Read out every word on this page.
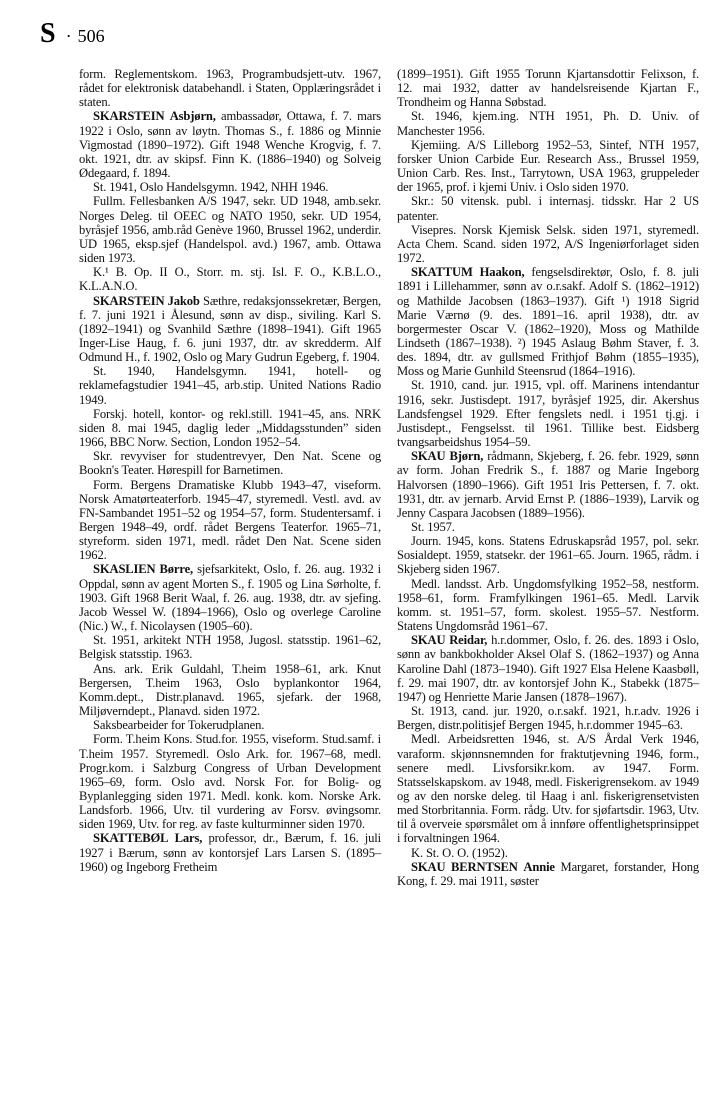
S · 506

form. Reglementskom. 1963, Programbudsjett-utv. 1967, rådet for elektronisk databehandl. i Staten, Opplæringsrådet i staten.

SKARSTEIN Asbjørn, ambassadør, Ottawa, f. 7. mars 1922 i Oslo, sønn av løytn. Thomas S., f. 1886 og Minnie Vigmostad (1890–1972). Gift 1948 Wenche Krogvig, f. 7. okt. 1921, dtr. av skipsf. Finn K. (1886–1940) og Solveig Ødegaard, f. 1894.

St. 1941, Oslo Handelsgymn. 1942, NHH 1946.

Fullm. Fellesbanken A/S 1947, sekr. UD 1948, amb.sekr. Norges Deleg. til OEEC og NATO 1950, sekr. UD 1954, byråsjef 1956, amb.råd Genève 1960, Brussel 1962, underdir. UD 1965, eksp.sjef (Handelspol. avd.) 1967, amb. Ottawa siden 1973.

K.¹ B. Op. II O., Storr. m. stj. Isl. F. O., K.B.L.O., K.L.A.N.O.

SKARSTEIN Jakob Sæthre, redaksjonssekretær, Bergen, f. 7. juni 1921 i Ålesund, sønn av disp., siviling. Karl S. (1892–1941) og Svanhild Sæthre (1898–1941). Gift 1965 Inger-Lise Haug, f. 6. juni 1937, dtr. av skredderm. Alf Odmund H., f. 1902, Oslo og Mary Gudrun Egeberg, f. 1904.

St. 1940, Handelsgymn. 1941, hotell- og reklamefagstudier 1941–45, arb.stip. United Nations Radio 1949.

Forskj. hotell, kontor- og rekl.still. 1941–45, ans. NRK siden 8. mai 1945, daglig leder „Middagsstunden” siden 1966, BBC Norw. Section, London 1952–54.

Skr. revyviser for studentrevyer, Den Nat. Scene og Bookn's Teater. Hørespill for Barnetimen.

Form. Bergens Dramatiske Klubb 1943–47, viseform. Norsk Amatørteaterforb. 1945–47, styremedl. Vestl. avd. av FN-Sambandet 1951–52 og 1954–57, form. Studentersamf. i Bergen 1948–49, ordf. rådet Bergens Teaterfor. 1965–71, styreform. siden 1971, medl. rådet Den Nat. Scene siden 1962.

SKASLIEN Børre, sjefsarkitekt, Oslo, f. 26. aug. 1932 i Oppdal, sønn av agent Morten S., f. 1905 og Lina Sørholte, f. 1903. Gift 1968 Berit Waal, f. 26. aug. 1938, dtr. av sjefing. Jacob Wessel W. (1894–1966), Oslo og overlege Caroline (Nic.) W., f. Nicolaysen (1905–60).

St. 1951, arkitekt NTH 1958, Jugosl. statsstip. 1961–62, Belgisk statsstip. 1963.

Ans. ark. Erik Guldahl, T.heim 1958–61, ark. Knut Bergersen, T.heim 1963, Oslo byplankontor 1964, Komm.dept., Distr.planavd. 1965, sjefark. der 1968, Miljøverndept., Planavd. siden 1972.

Saksbearbeider for Tokerudplanen.

Form. T.heim Kons. Stud.for. 1955, viseform. Stud.samf. i T.heim 1957. Styremedl. Oslo Ark. for. 1967–68, medl. Progr.kom. i Salzburg Congress of Urban Development 1965–69, form. Oslo avd. Norsk For. for Bolig- og Byplanlegging siden 1971. Medl. konk. kom. Norske Ark. Landsforb. 1966, Utv. til vurdering av Forsv. øvingsomr. siden 1969, Utv. for reg. av faste kulturminner siden 1970.

SKATTEBØL Lars, professor, dr., Bærum, f. 16. juli 1927 i Bærum, sønn av kontorsjef Lars Larsen S. (1895–1960) og Ingeborg Fretheim

(1899–1951). Gift 1955 Torunn Kjartansdottir Felixson, f. 12. mai 1932, datter av handelsreisende Kjartan F., Trondheim og Hanna Søbstad.

St. 1946, kjem.ing. NTH 1951, Ph. D. Univ. of Manchester 1956.

Kjemiing. A/S Lilleborg 1952–53, Sintef, NTH 1957, forsker Union Carbide Eur. Research Ass., Brussel 1959, Union Carb. Res. Inst., Tarrytown, USA 1963, gruppeleder der 1965, prof. i kjemi Univ. i Oslo siden 1970.

Skr.: 50 vitensk. publ. i internasj. tidsskr. Har 2 US patenter.

Visepres. Norsk Kjemisk Selsk. siden 1971, styremedl. Acta Chem. Scand. siden 1972, A/S Ingeniørforlaget siden 1972.

SKATTUM Haakon, fengselsdirektør, Oslo, f. 8. juli 1891 i Lillehammer, sønn av o.r.sakf. Adolf S. (1862–1912) og Mathilde Jacobsen (1863–1937). Gift ¹) 1918 Sigrid Marie Værnø (9. des. 1891–16. april 1938), dtr. av borgermester Oscar V. (1862–1920), Moss og Mathilde Lindseth (1867–1938). ²) 1945 Aslaug Bøhm Staver, f. 3. des. 1894, dtr. av gullsmed Frithjof Bøhm (1855–1935), Moss og Marie Gunhild Steensrud (1864–1916).

St. 1910, cand. jur. 1915, vpl. off. Marinens intendantur 1916, sekr. Justisdept. 1917, byråsjef 1925, dir. Akershus Landsfengsel 1929. Efter fengslets nedl. i 1951 tj.gj. i Justisdept., Fengselsst. til 1961. Tillike best. Eidsberg tvangsarbeidshus 1954–59.

SKAU Bjørn, rådmann, Skjeberg, f. 26. febr. 1929, sønn av form. Johan Fredrik S., f. 1887 og Marie Ingeborg Halvorsen (1890–1966). Gift 1951 Iris Pettersen, f. 7. okt. 1931, dtr. av jernarb. Arvid Ernst P. (1886–1939), Larvik og Jenny Caspara Jacobsen (1889–1956).

St. 1957.

Journ. 1945, kons. Statens Edruskapsråd 1957, pol. sekr. Sosialdept. 1959, statsekr. der 1961–65. Journ. 1965, rådm. i Skjeberg siden 1967.

Medl. landsst. Arb. Ungdomsfylking 1952–58, nestform. 1958–61, form. Framfylkingen 1961–65. Medl. Larvik komm. st. 1951–57, form. skolest. 1955–57. Nestform. Statens Ungdomsråd 1961–67.

SKAU Reidar, h.r.dommer, Oslo, f. 26. des. 1893 i Oslo, sønn av bankbokholder Aksel Olaf S. (1862–1937) og Anna Karoline Dahl (1873–1940). Gift 1927 Elsa Helene Kaasbøll, f. 29. mai 1907, dtr. av kontorsjef John K., Stabekk (1875–1947) og Henriette Marie Jansen (1878–1967).

St. 1913, cand. jur. 1920, o.r.sakf. 1921, h.r.adv. 1926 i Bergen, distr.politisjef Bergen 1945, h.r.dommer 1945–63.

Medl. Arbeidsretten 1946, st. A/S Årdal Verk 1946, varaform. skjønnsnemnden for fraktutjevning 1946, form., senere medl. Livsforsikr.kom. av 1947. Form. Statsselskapskom. av 1948, medl. Fiskerigrensekom. av 1949 og av den norske deleg. til Haag i anl. fiskerigrensetvisten med Storbritannia. Form. rådg. Utv. for sjøfartsdir. 1963, Utv. til å overveie spørsmålet om å innføre offentlighetsprinsippet i forvaltningen 1964.

K. St. O. O. (1952).

SKAU BERNTSEN Annie Margaret, forstander, Hong Kong, f. 29. mai 1911, søster
